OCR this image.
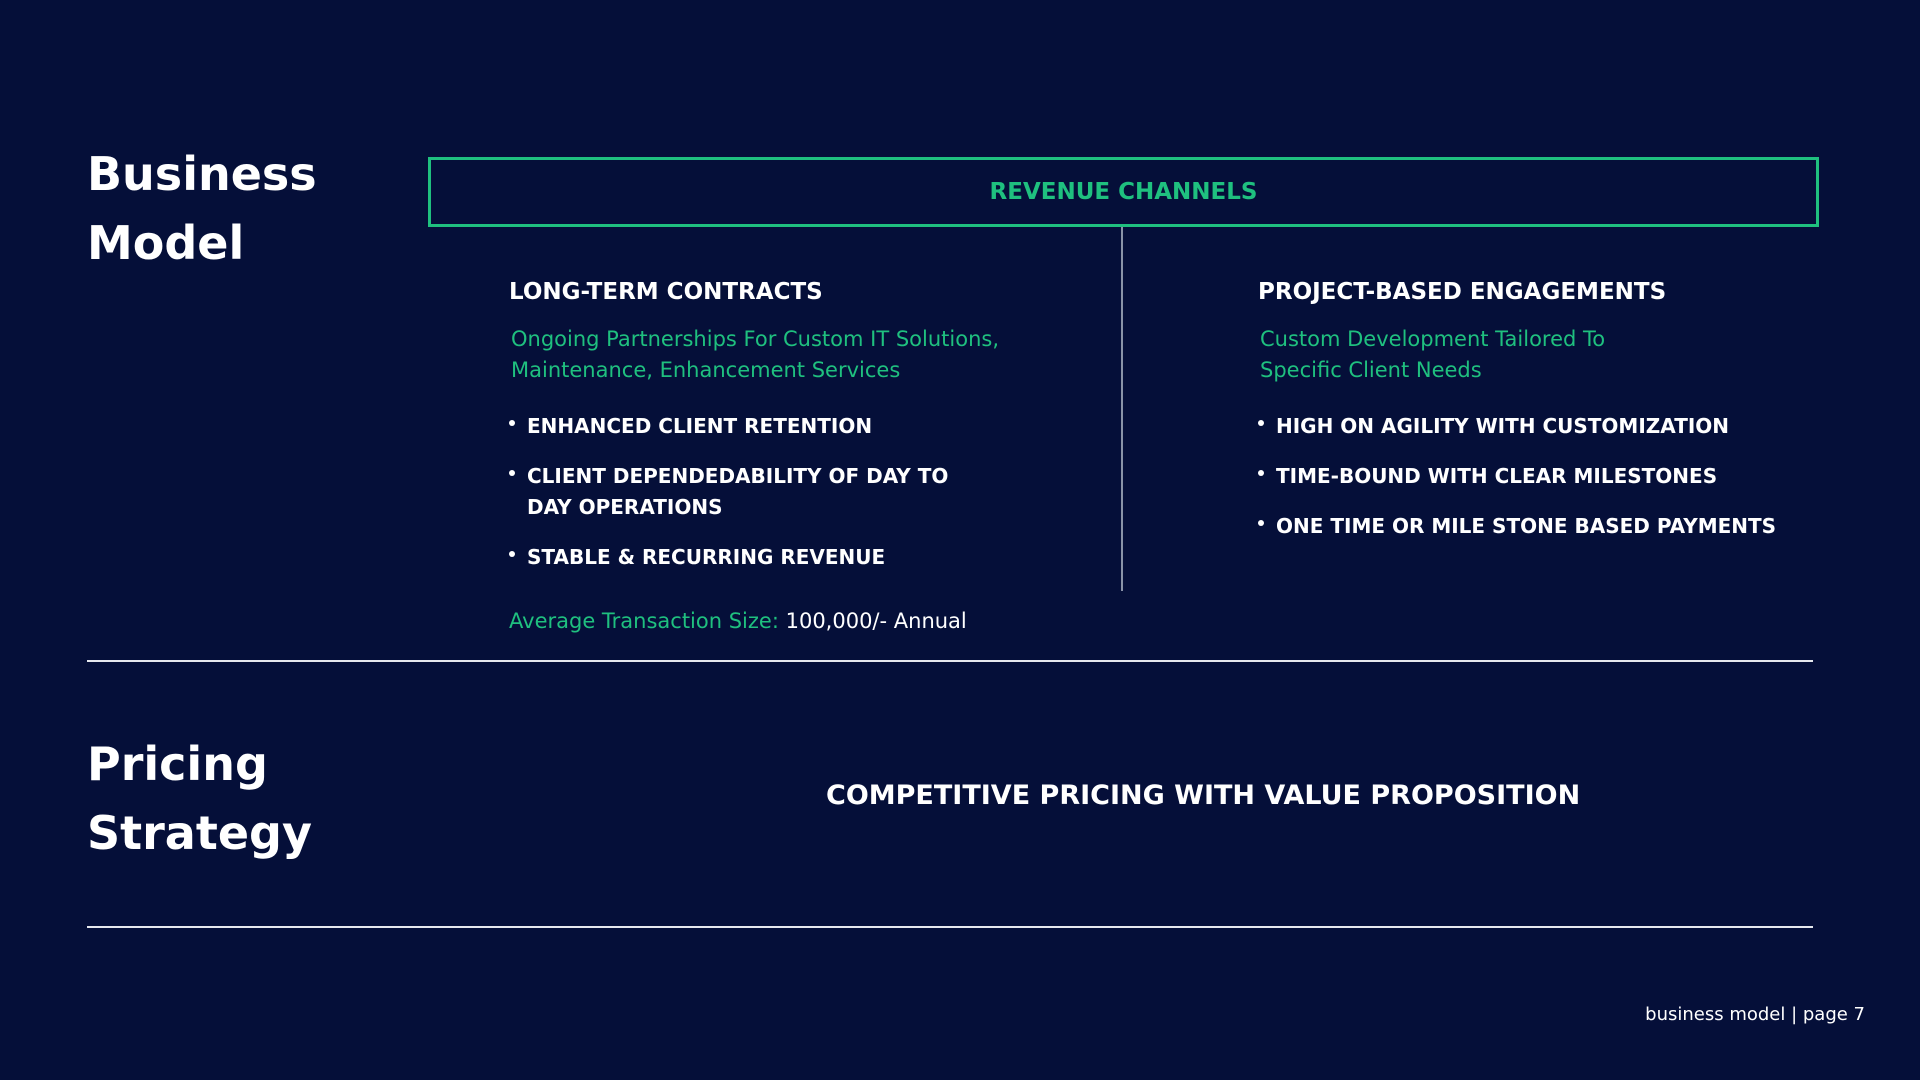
Business
Model
REVENUE CHANNELS
LONG-TERM CONTRACTS
Ongoing Partnerships For Custom IT Solutions,
Maintenance, Enhancement Services
ENHANCED CLIENT RETENTION
CLIENT DEPENDEDABILITY OF DAY TO
DAY OPERATIONS
STABLE & RECURRING REVENUE
PROJECT-BASED ENGAGEMENTS
Custom Development Tailored To
Specific Client Needs
HIGH ON AGILITY WITH CUSTOMIZATION
TIME-BOUND WITH CLEAR MILESTONES
ONE TIME OR MILE STONE BASED PAYMENTS
Average Transaction Size: 100,000/- Annual
Pricing
Strategy
COMPETITIVE PRICING WITH VALUE PROPOSITION
business model | page 7
